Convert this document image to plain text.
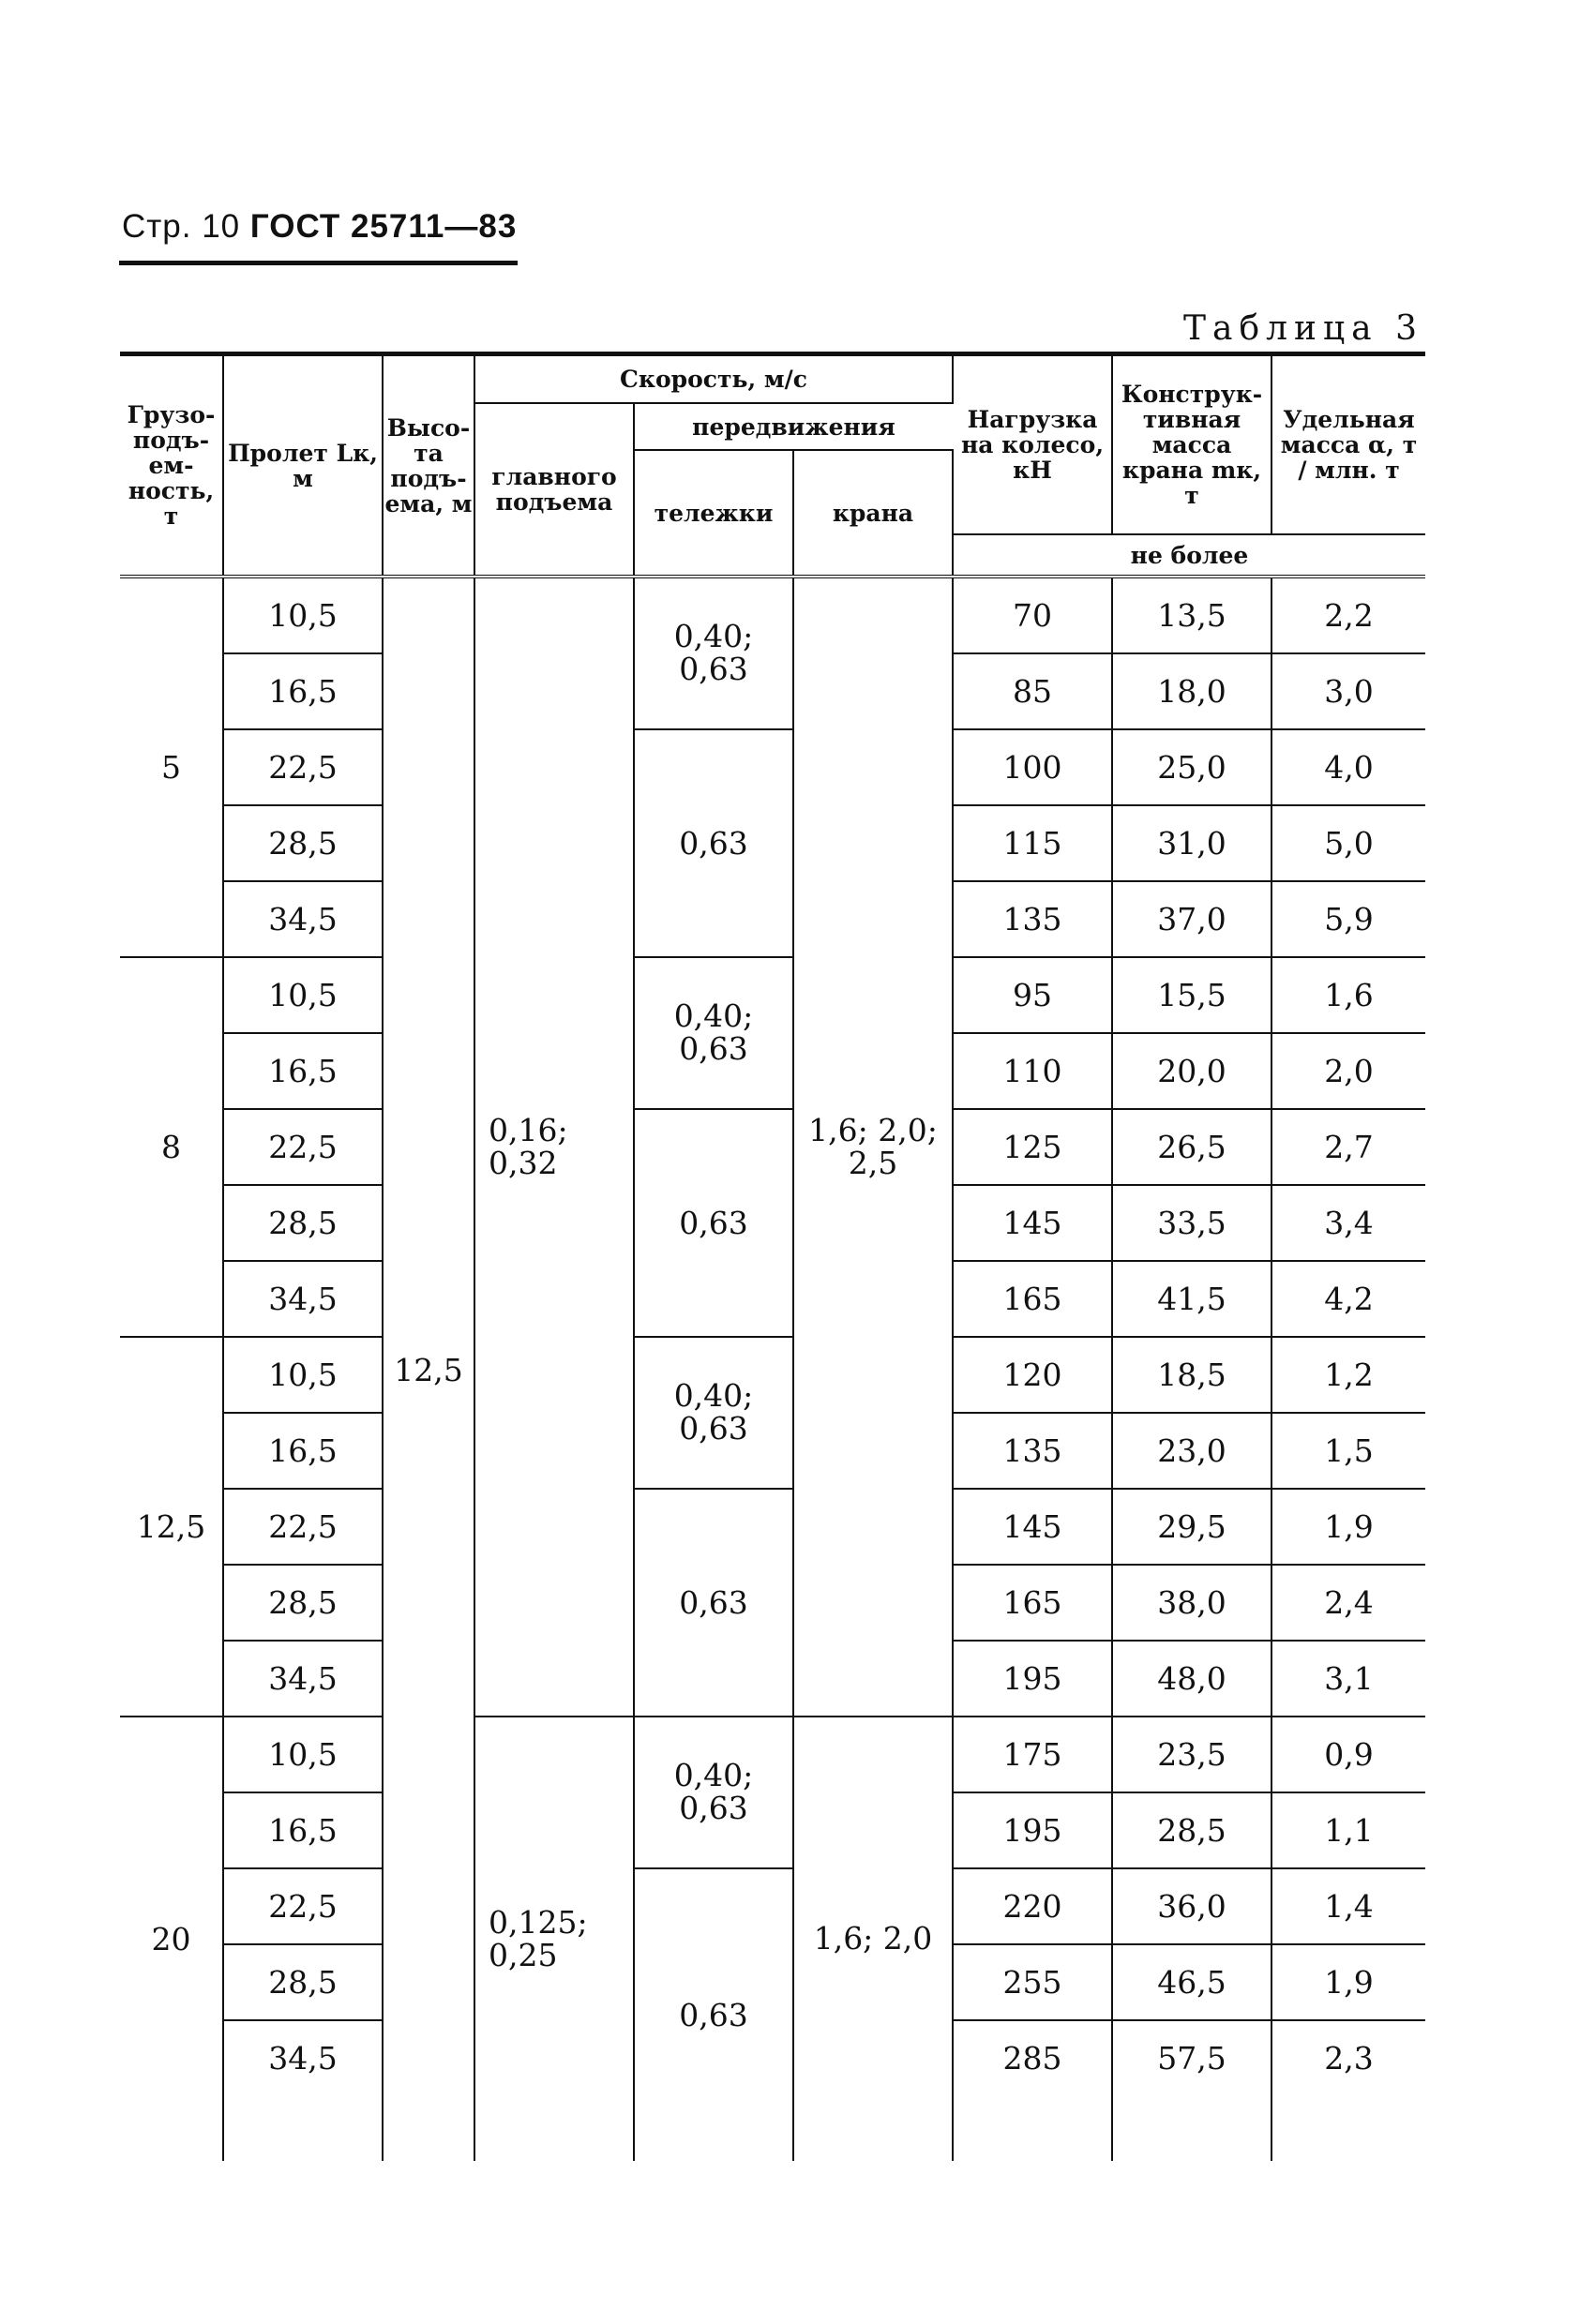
Стр. 10 ГОСТ 25711—83
Таблица 3

Грузо-подъ-ем-ность, т	Пролет Lк, м	Высо-та подъ-ема, м	Скорость, м/с			Нагрузка на колесо, кН	Конструк-тивная масса крана mк, т	Удельная масса α, т / млн. т
			главного подъема	передвижения				
				тележки	крана			
						не более		

5	10,5	12,5	0,16; 0,32	0,40; 0,63	1,6; 2,0; 2,5	70	13,5	2,2
	16,5					85	18,0	3,0
	22,5			0,63		100	25,0	4,0
	28,5					115	31,0	5,0
	34,5					135	37,0	5,9
8	10,5			0,40; 0,63		95	15,5	1,6
	16,5					110	20,0	2,0
	22,5			0,63		125	26,5	2,7
	28,5					145	33,5	3,4
	34,5					165	41,5	4,2
12,5	10,5			0,40; 0,63		120	18,5	1,2
	16,5					135	23,0	1,5
	22,5			0,63		145	29,5	1,9
	28,5					165	38,0	2,4
	34,5					195	48,0	3,1
20	10,5		0,125; 0,25	0,40; 0,63	1,6; 2,0	175	23,5	0,9
	16,5					195	28,5	1,1
	22,5			0,63		220	36,0	1,4
	28,5					255	46,5	1,9
	34,5					285	57,5	2,3
